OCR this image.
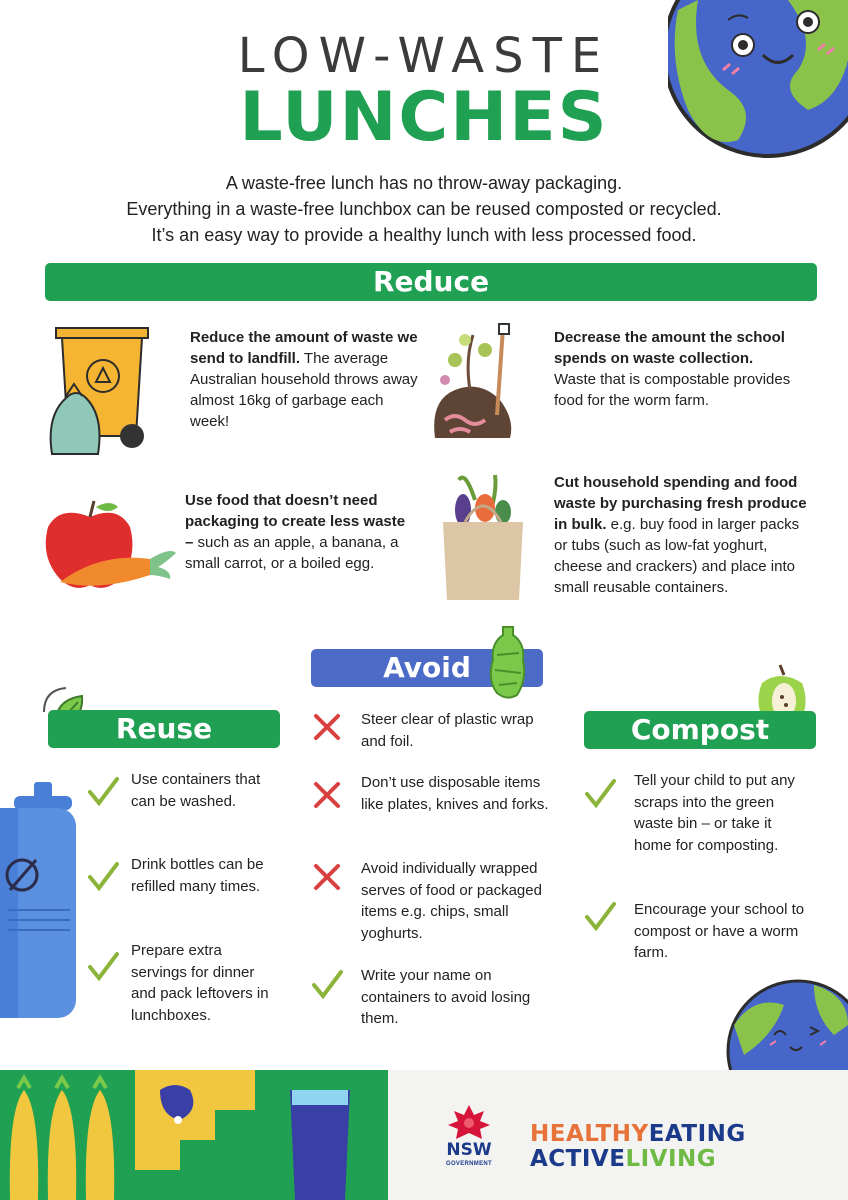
LOW-WASTE
LUNCHES
A waste-free lunch has no throw-away packaging.
Everything in a waste-free lunchbox can be reused composted or recycled.
It’s an easy way to provide a healthy lunch with less processed food.
Reduce
Reduce the amount of waste we send to landfill. The average Australian household throws away almost 16kg of garbage each week!
Decrease the amount the school spends on waste collection. Waste that is compostable provides food for the worm farm.
Use food that doesn’t need packaging to create less waste – such as an apple, a banana, a small carrot, or a boiled egg.
Cut household spending and food waste by purchasing fresh produce in bulk. e.g. buy food in larger packs or tubs (such as low-fat yoghurt, cheese and crackers) and place into small reusable containers.
Avoid
Steer clear of plastic wrap and foil.
Don’t use disposable items like plates, knives and forks.
Avoid individually wrapped serves of food or packaged items e.g. chips, small yoghurts.
Write your name on containers to avoid losing them.
Reuse
Use containers that can be washed.
Drink bottles can be refilled many times.
Prepare extra servings for dinner and pack leftovers in lunchboxes.
Compost
Tell your child to put any scraps into the green waste bin – or take it home for composting.
Encourage your school to compost or have a worm farm.
NSW
GOVERNMENT
HEALTHYEATING
ACTIVELIVING
